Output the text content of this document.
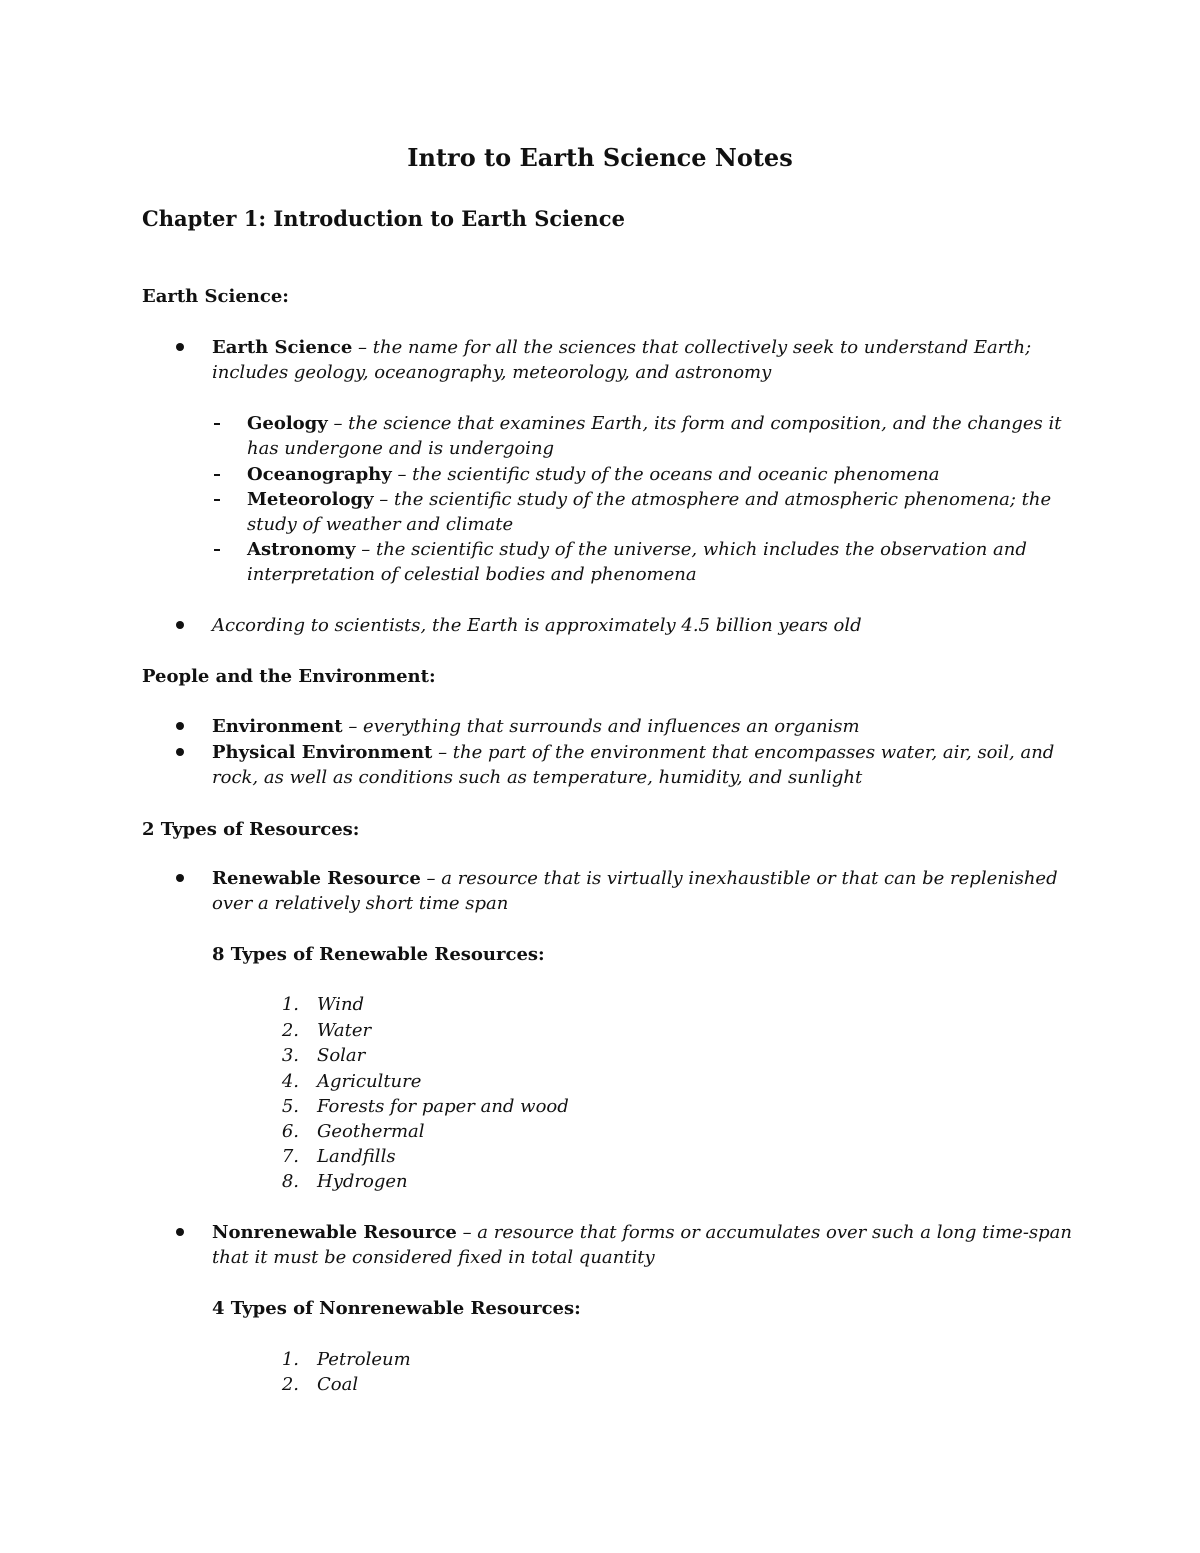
Intro to Earth Science Notes
Chapter 1: Introduction to Earth Science
Earth Science:
Earth Science – the name for all the sciences that collectively seek to understand Earth;
includes geology, oceanography, meteorology, and astronomy
Geology – the science that examines Earth, its form and composition, and the changes it
has undergone and is undergoing
Oceanography – the scientific study of the oceans and oceanic phenomena
Meteorology – the scientific study of the atmosphere and atmospheric phenomena; the
study of weather and climate
Astronomy – the scientific study of the universe, which includes the observation and
interpretation of celestial bodies and phenomena
According to scientists, the Earth is approximately 4.5 billion years old
People and the Environment:
Environment – everything that surrounds and influences an organism
Physical Environment – the part of the environment that encompasses water, air, soil, and
rock, as well as conditions such as temperature, humidity, and sunlight
2 Types of Resources:
Renewable Resource – a resource that is virtually inexhaustible or that can be replenished
over a relatively short time span
8 Types of Renewable Resources:
1. Wind
2. Water
3. Solar
4. Agriculture
5. Forests for paper and wood
6. Geothermal
7. Landfills
8. Hydrogen
Nonrenewable Resource – a resource that forms or accumulates over such a long time-span
that it must be considered fixed in total quantity
4 Types of Nonrenewable Resources:
1. Petroleum
2. Coal
